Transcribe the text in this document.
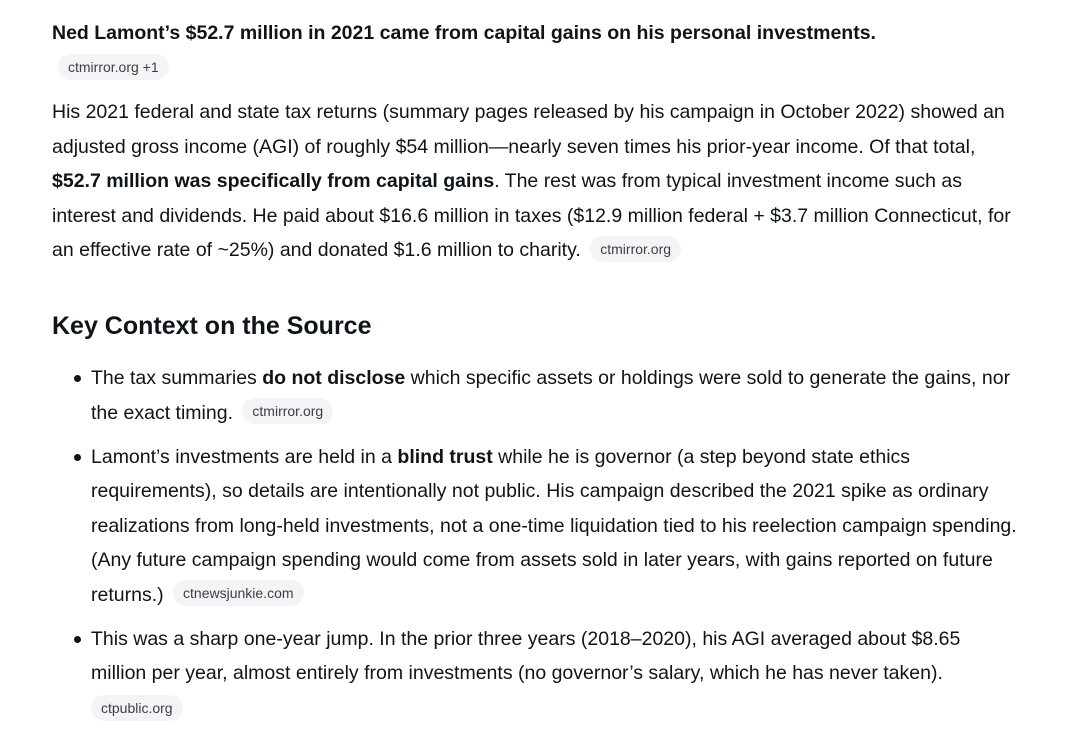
Ned Lamont’s $52.7 million in 2021 came from capital gains on his personal investments.
ctmirror.org +1
His 2021 federal and state tax returns (summary pages released by his campaign in October 2022) showed an adjusted gross income (AGI) of roughly $54 million—nearly seven times his prior-year income. Of that total, $52.7 million was specifically from capital gains. The rest was from typical investment income such as interest and dividends. He paid about $16.6 million in taxes ($12.9 million federal + $3.7 million Connecticut, for an effective rate of ~25%) and donated $1.6 million to charity. ctmirror.org
Key Context on the Source
The tax summaries do not disclose which specific assets or holdings were sold to generate the gains, nor the exact timing. ctmirror.org
Lamont’s investments are held in a blind trust while he is governor (a step beyond state ethics requirements), so details are intentionally not public. His campaign described the 2021 spike as ordinary realizations from long-held investments, not a one-time liquidation tied to his reelection campaign spending. (Any future campaign spending would come from assets sold in later years, with gains reported on future returns.) ctnewsjunkie.com
This was a sharp one-year jump. In the prior three years (2018–2020), his AGI averaged about $8.65 million per year, almost entirely from investments (no governor’s salary, which he has never taken).
ctpublic.org
